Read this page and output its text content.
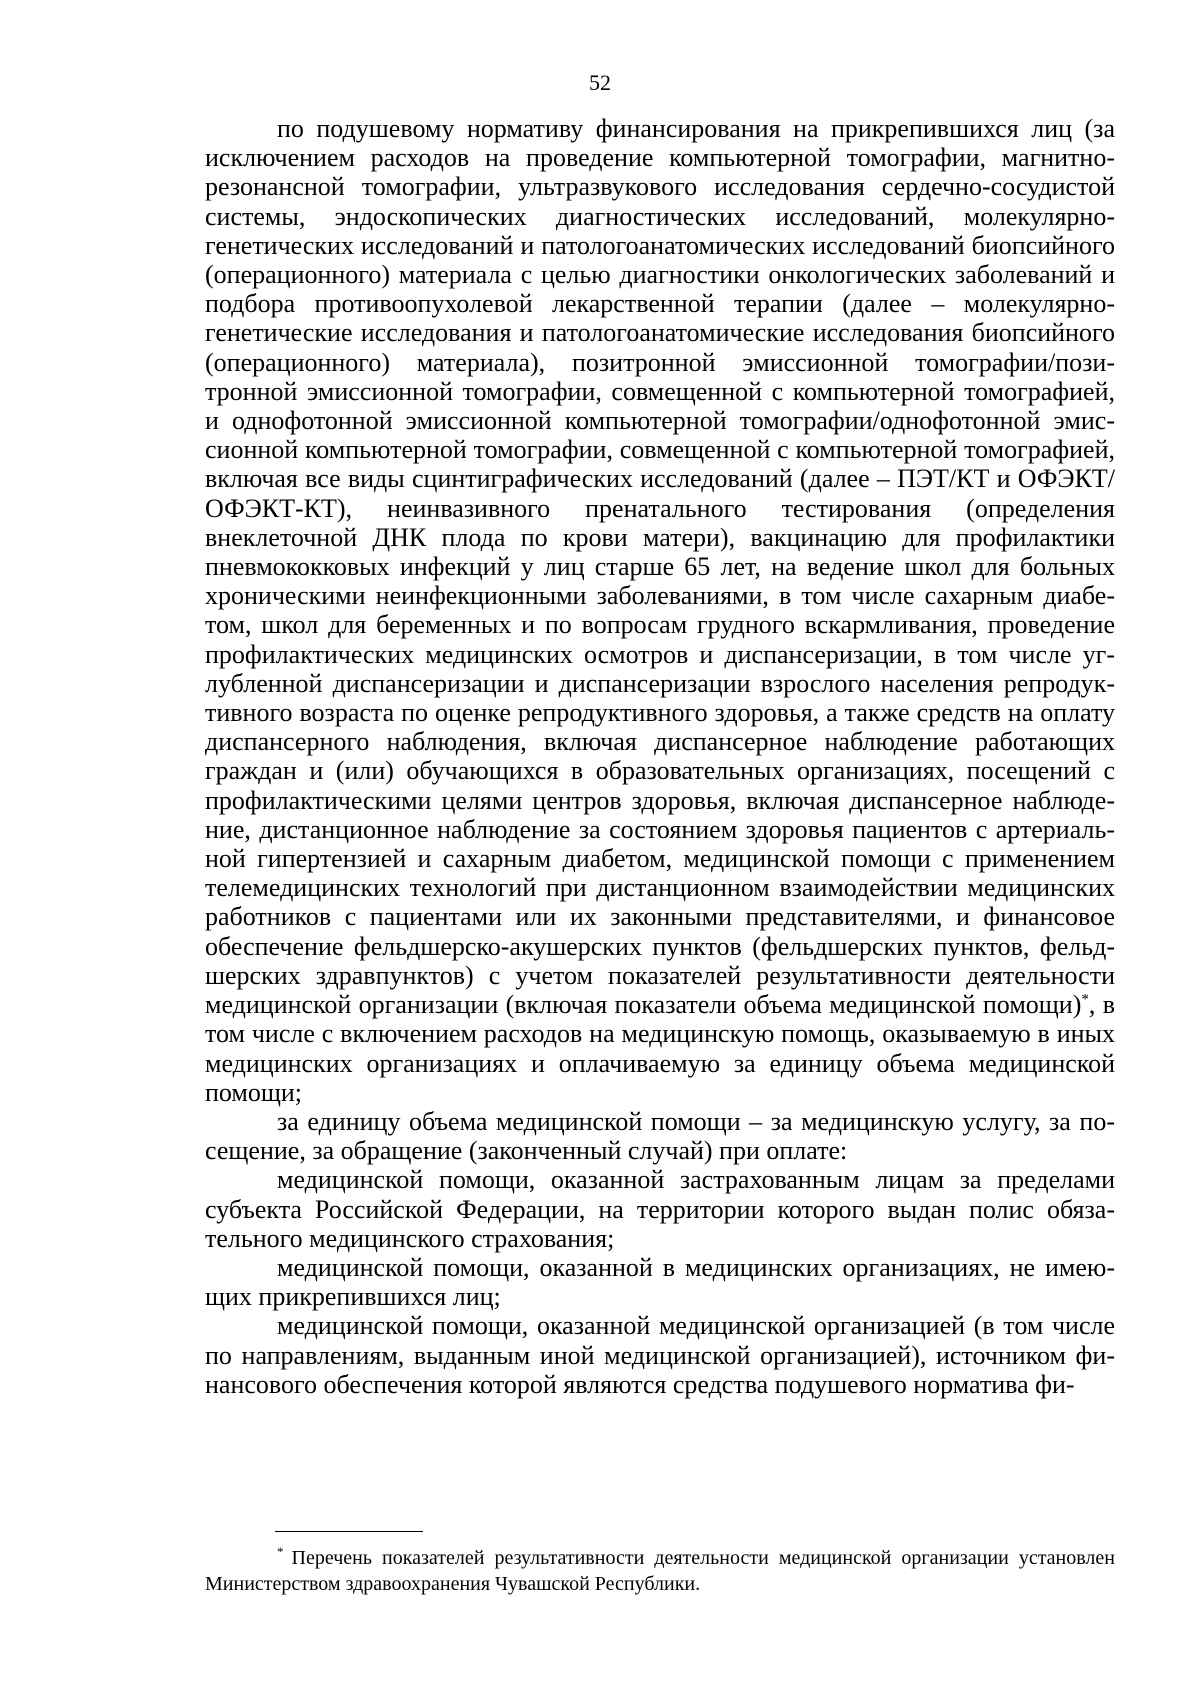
52

по подушевому нормативу финансирования на прикрепившихся лиц (за исключением расходов на проведение компьютерной томографии, магнитно-резонансной томографии, ультразвукового исследования сердечно-сосудистой системы, эндоскопических диагностических исследований, молекулярно-генетических исследований и патологоанатомических исследований биопсийного (операционного) материала с целью диагностики онкологических заболеваний и подбора противоопухолевой лекарственной терапии (далее – молекулярно-генетические исследования и патологоанатомические исследования биопсийного (операционного) материала), позитронной эмиссионной томографии/позитронной эмиссионной томографии, совмещенной с компьютерной томографией, и однофотонной эмиссионной компьютерной томографии/однофотонной эмиссионной компьютерной томографии, совмещенной с компьютерной томографией, включая все виды сцинтиграфических исследований (далее – ПЭТ/КТ и ОФЭКТ/ОФЭКТ-КТ), неинвазивного пренатального тестирования (определения внеклеточной ДНК плода по крови матери), вакцинацию для профилактики пневмококковых инфекций у лиц старше 65 лет, на ведение школ для больных хроническими неинфекционными заболеваниями, в том числе сахарным диабетом, школ для беременных и по вопросам грудного вскармливания, проведение профилактических медицинских осмотров и диспансеризации, в том числе углубленной диспансеризации и диспансеризации взрослого населения репродуктивного возраста по оценке репродуктивного здоровья, а также средств на оплату диспансерного наблюдения, включая диспансерное наблюдение работающих граждан и (или) обучающихся в образовательных организациях, посещений с профилактическими целями центров здоровья, включая диспансерное наблюдение, дистанционное наблюдение за состоянием здоровья пациентов с артериальной гипертензией и сахарным диабетом, медицинской помощи с применением телемедицинских технологий при дистанционном взаимодействии медицинских работников с пациентами или их законными представителями, и финансовое обеспечение фельдшерско-акушерских пунктов (фельдшерских пунктов, фельдшерских здравпунктов) с учетом показателей результативности деятельности медицинской организации (включая показатели объема медицинской помощи)*, в том числе с включением расходов на медицинскую помощь, оказываемую в иных медицинских организациях и оплачиваемую за единицу объема медицинской помощи;

за единицу объема медицинской помощи – за медицинскую услугу, за посещение, за обращение (законченный случай) при оплате:

медицинской помощи, оказанной застрахованным лицам за пределами субъекта Российской Федерации, на территории которого выдан полис обязательного медицинского страхования;

медицинской помощи, оказанной в медицинских организациях, не имеющих прикрепившихся лиц;

медицинской помощи, оказанной медицинской организацией (в том числе по направлениям, выданным иной медицинской организацией), источником финансового обеспечения которой являются средства подушевого норматива фи-

* Перечень показателей результативности деятельности медицинской организации установлен Министерством здравоохранения Чувашской Республики.
